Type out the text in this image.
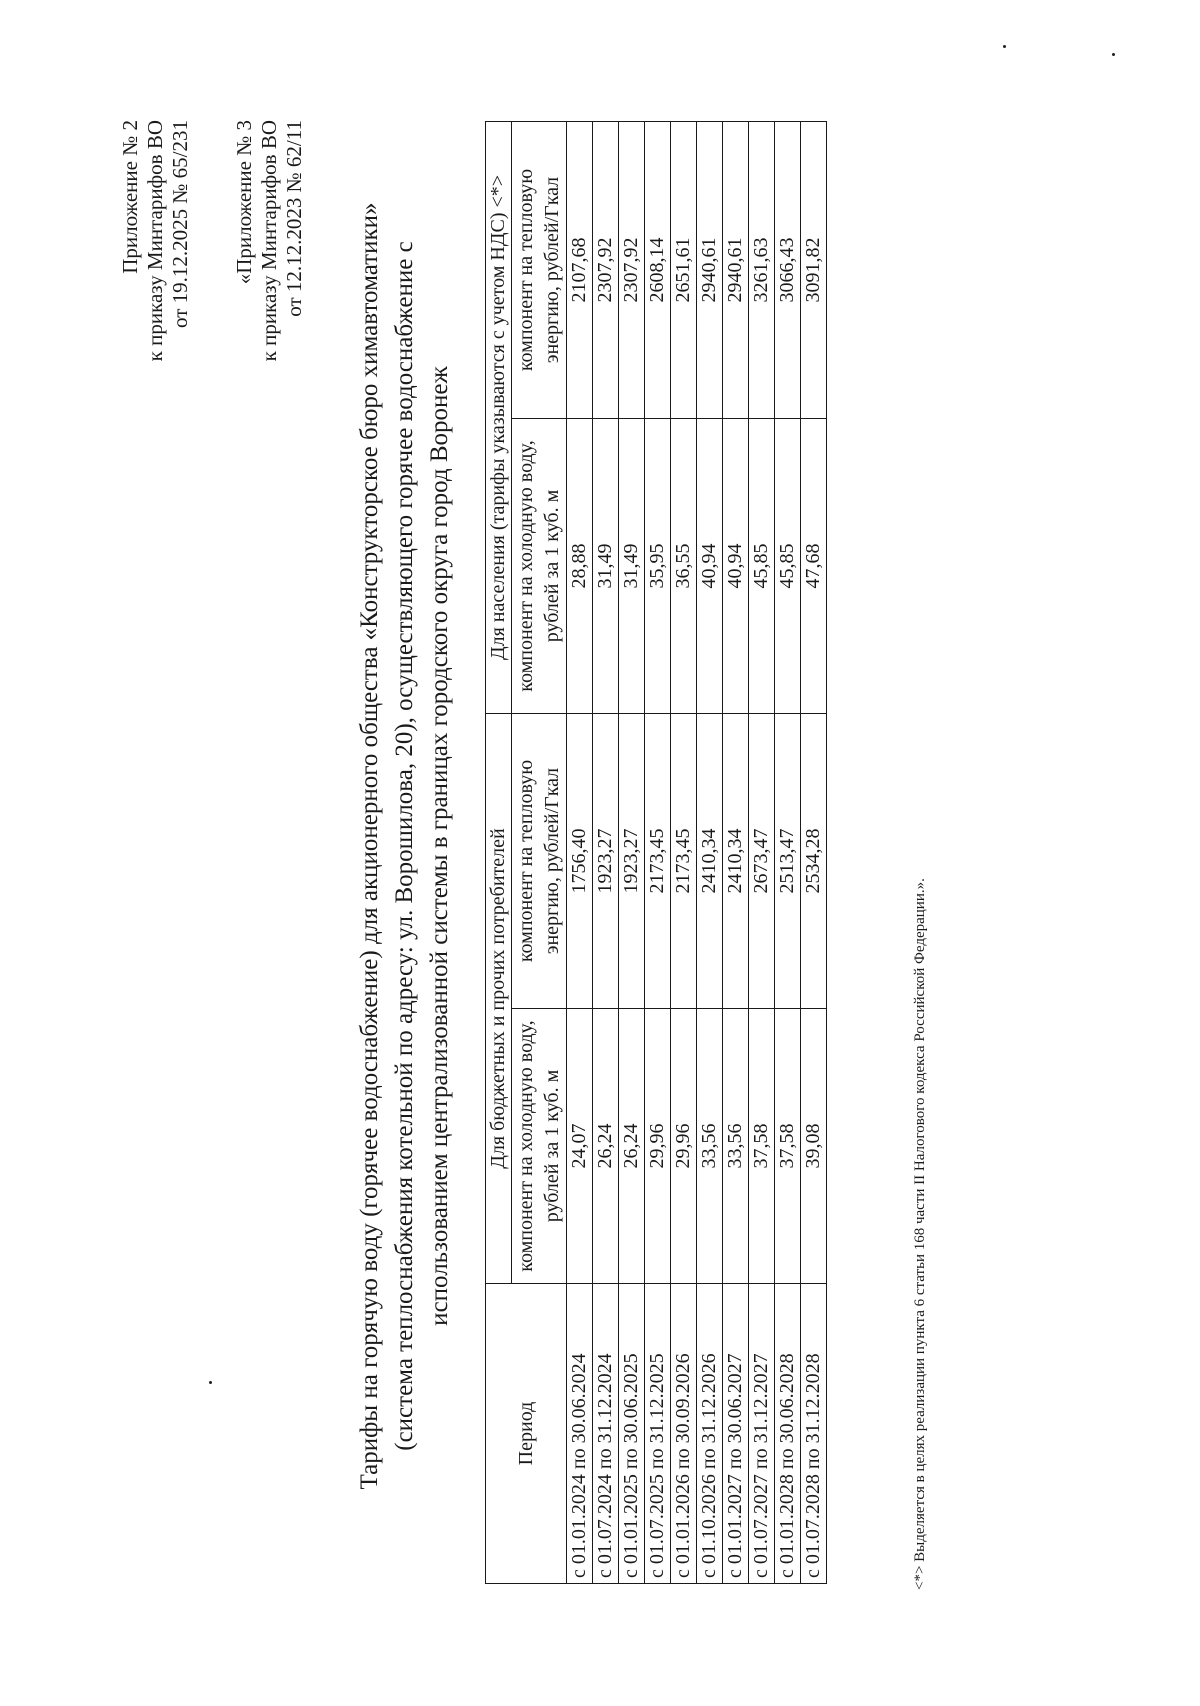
Приложение № 2 к приказу Минтарифов ВО от 19.12.2025 № 65/231 «Приложение № 3 к приказу Минтарифов ВО от 12.12.2023 № 62/11 Тарифы на горячую воду (горячее водоснабжение) для акционерного общества «Конструкторское бюро химавтоматики» (система теплоснабжения котельной по адресу: ул. Ворошилова, 20), осуществляющего горячее водоснабжение с использованием централизованной системы в границах городского округа город Воронеж
Период	Для бюджетных и прочих потребителей		Для населения (тарифы указываются с учетом НДС) <*>	
	компонент на холодную воду, рублей за 1 куб. м	компонент на тепловую энергию, рублей/Гкал	компонент на холодную воду, рублей за 1 куб. м	компонент на тепловую энергию, рублей/Гкал
с 01.01.2024 по 30.06.2024	24,07	1756,40	28,88	2107,68
с 01.07.2024 по 31.12.2024	26,24	1923,27	31,49	2307,92
с 01.01.2025 по 30.06.2025	26,24	1923,27	31,49	2307,92
с 01.07.2025 по 31.12.2025	29,96	2173,45	35,95	2608,14
с 01.01.2026 по 30.09.2026	29,96	2173,45	36,55	2651,61
с 01.10.2026 по 31.12.2026	33,56	2410,34	40,94	2940,61
с 01.01.2027 по 30.06.2027	33,56	2410,34	40,94	2940,61
с 01.07.2027 по 31.12.2027	37,58	2673,47	45,85	3261,63
с 01.01.2028 по 30.06.2028	37,58	2513,47	45,85	3066,43
с 01.07.2028 по 31.12.2028	39,08	2534,28	47,68	3091,82
<*> Выделяется в целях реализации пункта 6 статьи 168 части II Налогового кодекса Российской Федерации.».
